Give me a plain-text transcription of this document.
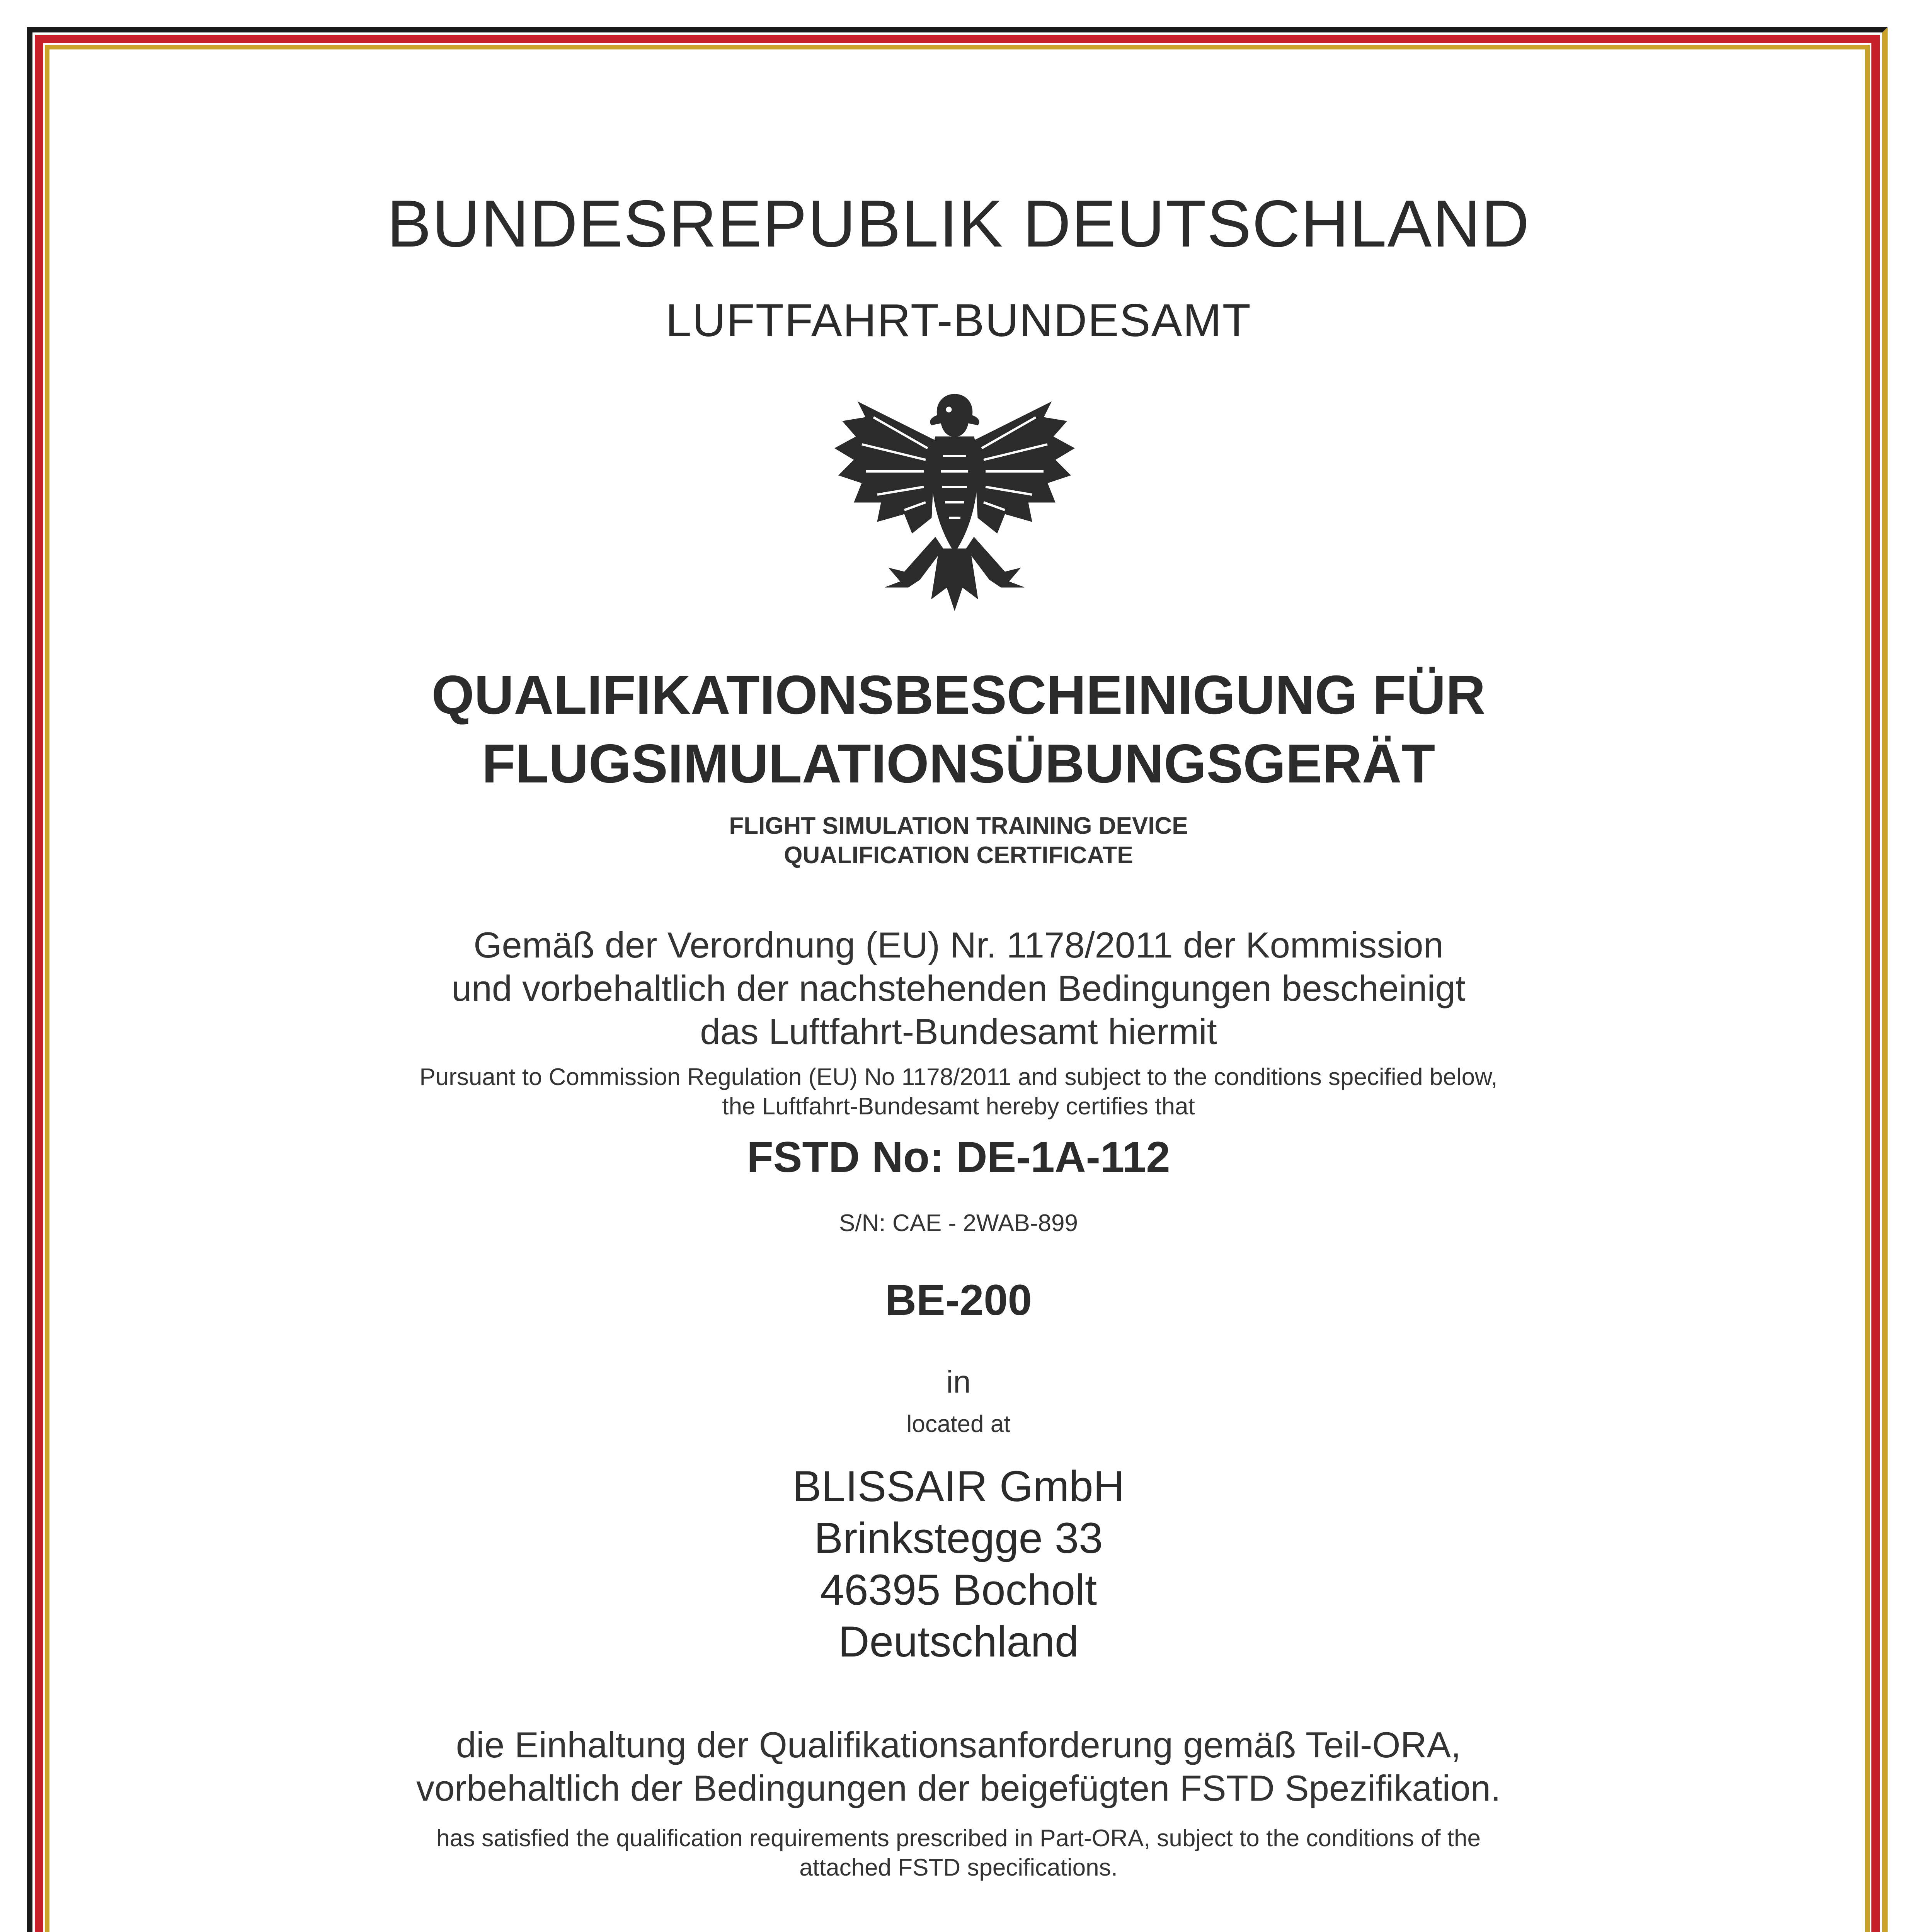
BUNDESREPUBLIK DEUTSCHLAND
LUFTFAHRT-BUNDESAMT
QUALIFIKATIONSBESCHEINIGUNG FÜR
FLUGSIMULATIONSÜBUNGSGERÄT
FLIGHT SIMULATION TRAINING DEVICE
QUALIFICATION CERTIFICATE
Gemäß der Verordnung (EU) Nr. 1178/2011 der Kommission
und vorbehaltlich der nachstehenden Bedingungen bescheinigt
das Luftfahrt-Bundesamt hiermit
Pursuant to Commission Regulation (EU) No 1178/2011 and subject to the conditions specified below,
the Luftfahrt-Bundesamt hereby certifies that
FSTD No: DE-1A-112
S/N: CAE - 2WAB-899
BE-200
in
located at
BLISSAIR GmbH
Brinkstegge 33
46395 Bocholt
Deutschland
die Einhaltung der Qualifikationsanforderung gemäß Teil-ORA,
vorbehaltlich der Bedingungen der beigefügten FSTD Spezifikation.
has satisfied the qualification requirements prescribed in Part-ORA, subject to the conditions of the
attached FSTD specifications.
